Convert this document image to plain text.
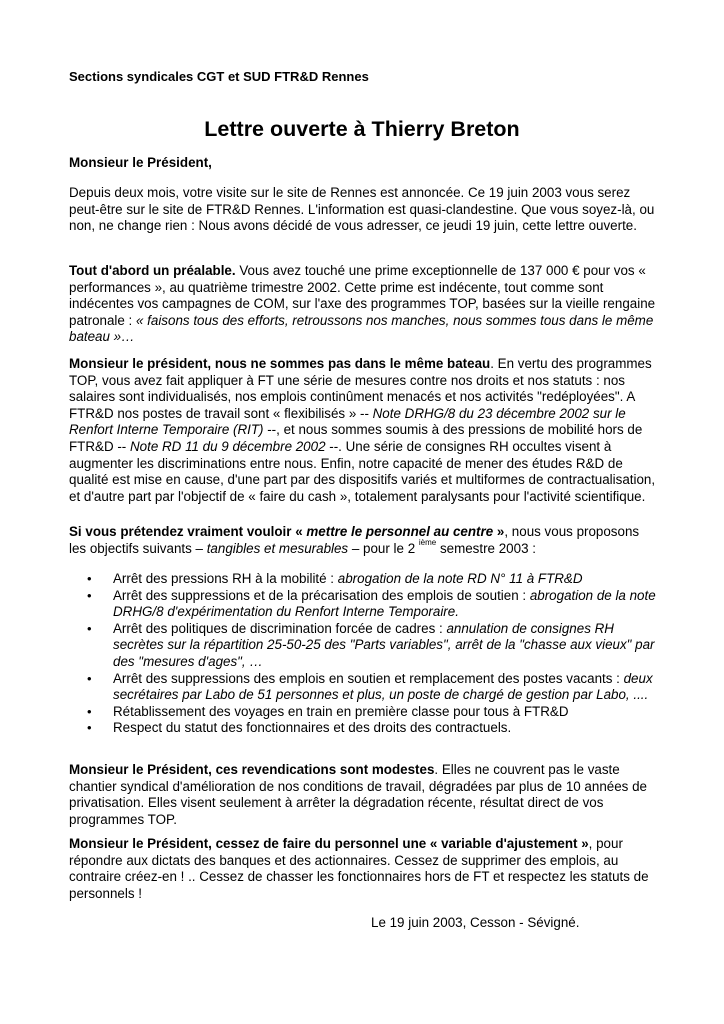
Sections syndicales CGT et SUD FTR&D Rennes
Lettre ouverte à Thierry Breton
Monsieur le Président,

Depuis deux mois, votre visite sur le site de Rennes est annoncée. Ce 19 juin 2003 vous serez peut-être sur le site de FTR&D Rennes. L'information est quasi-clandestine. Que vous soyez-là, ou non, ne change rien : Nous avons décidé de vous adresser, ce jeudi 19 juin, cette lettre ouverte.

Tout d'abord un préalable. Vous avez touché une prime exceptionnelle de 137 000 € pour vos « performances », au quatrième trimestre 2002. Cette prime est indécente, tout comme sont indécentes vos campagnes de COM, sur l'axe des programmes TOP, basées sur la vieille rengaine patronale : « faisons tous des efforts, retroussons nos manches, nous sommes tous dans le même bateau »…

Monsieur le président, nous ne sommes pas dans le même bateau. En vertu des programmes TOP, vous avez fait appliquer à FT une série de mesures contre nos droits et nos statuts : nos salaires sont individualisés, nos emplois continûment menacés et nos activités "redéployées". A FTR&D nos postes de travail sont « flexibilisés » -- Note DRHG/8 du 23 décembre 2002 sur le Renfort Interne Temporaire (RIT) --, et nous sommes soumis à des pressions de mobilité hors de FTR&D -- Note RD 11 du 9 décembre 2002 --. Une série de consignes RH occultes visent à augmenter les discriminations entre nous. Enfin, notre capacité de mener des études R&D de qualité est mise en cause, d'une part par des dispositifs variés et multiformes de contractualisation, et d'autre part par l'objectif de « faire du cash », totalement paralysants pour l'activité scientifique.

Si vous prétendez vraiment vouloir « mettre le personnel au centre », nous vous proposons les objectifs suivants – tangibles et mesurables – pour le 2 $^{ième}$ semestre 2003 :

• Arrêt des pressions RH à la mobilité : abrogation de la note RD N° 11 à FTR&D
• Arrêt des suppressions et de la précarisation des emplois de soutien : abrogation de la note DRHG/8 d'expérimentation du Renfort Interne Temporaire.
• Arrêt des politiques de discrimination forcée de cadres : annulation de consignes RH secrètes sur la répartition 25-50-25 des "Parts variables", arrêt de la "chasse aux vieux" par des "mesures d'ages", …
• Arrêt des suppressions des emplois en soutien et remplacement des postes vacants : deux secrétaires par Labo de 51 personnes et plus, un poste de chargé de gestion par Labo, ....
• Rétablissement des voyages en train en première classe pour tous à FTR&D
• Respect du statut des fonctionnaires et des droits des contractuels.

Monsieur le Président, ces revendications sont modestes. Elles ne couvrent pas le vaste chantier syndical d'amélioration de nos conditions de travail, dégradées par plus de 10 années de privatisation. Elles visent seulement à arrêter la dégradation récente, résultat direct de vos programmes TOP.

Monsieur le Président, cessez de faire du personnel une « variable d'ajustement », pour répondre aux dictats des banques et des actionnaires. Cessez de supprimer des emplois, au contraire créez-en ! .. Cessez de chasser les fonctionnaires hors de FT et respectez les statuts de personnels !

Le 19 juin 2003, Cesson - Sévigné.
